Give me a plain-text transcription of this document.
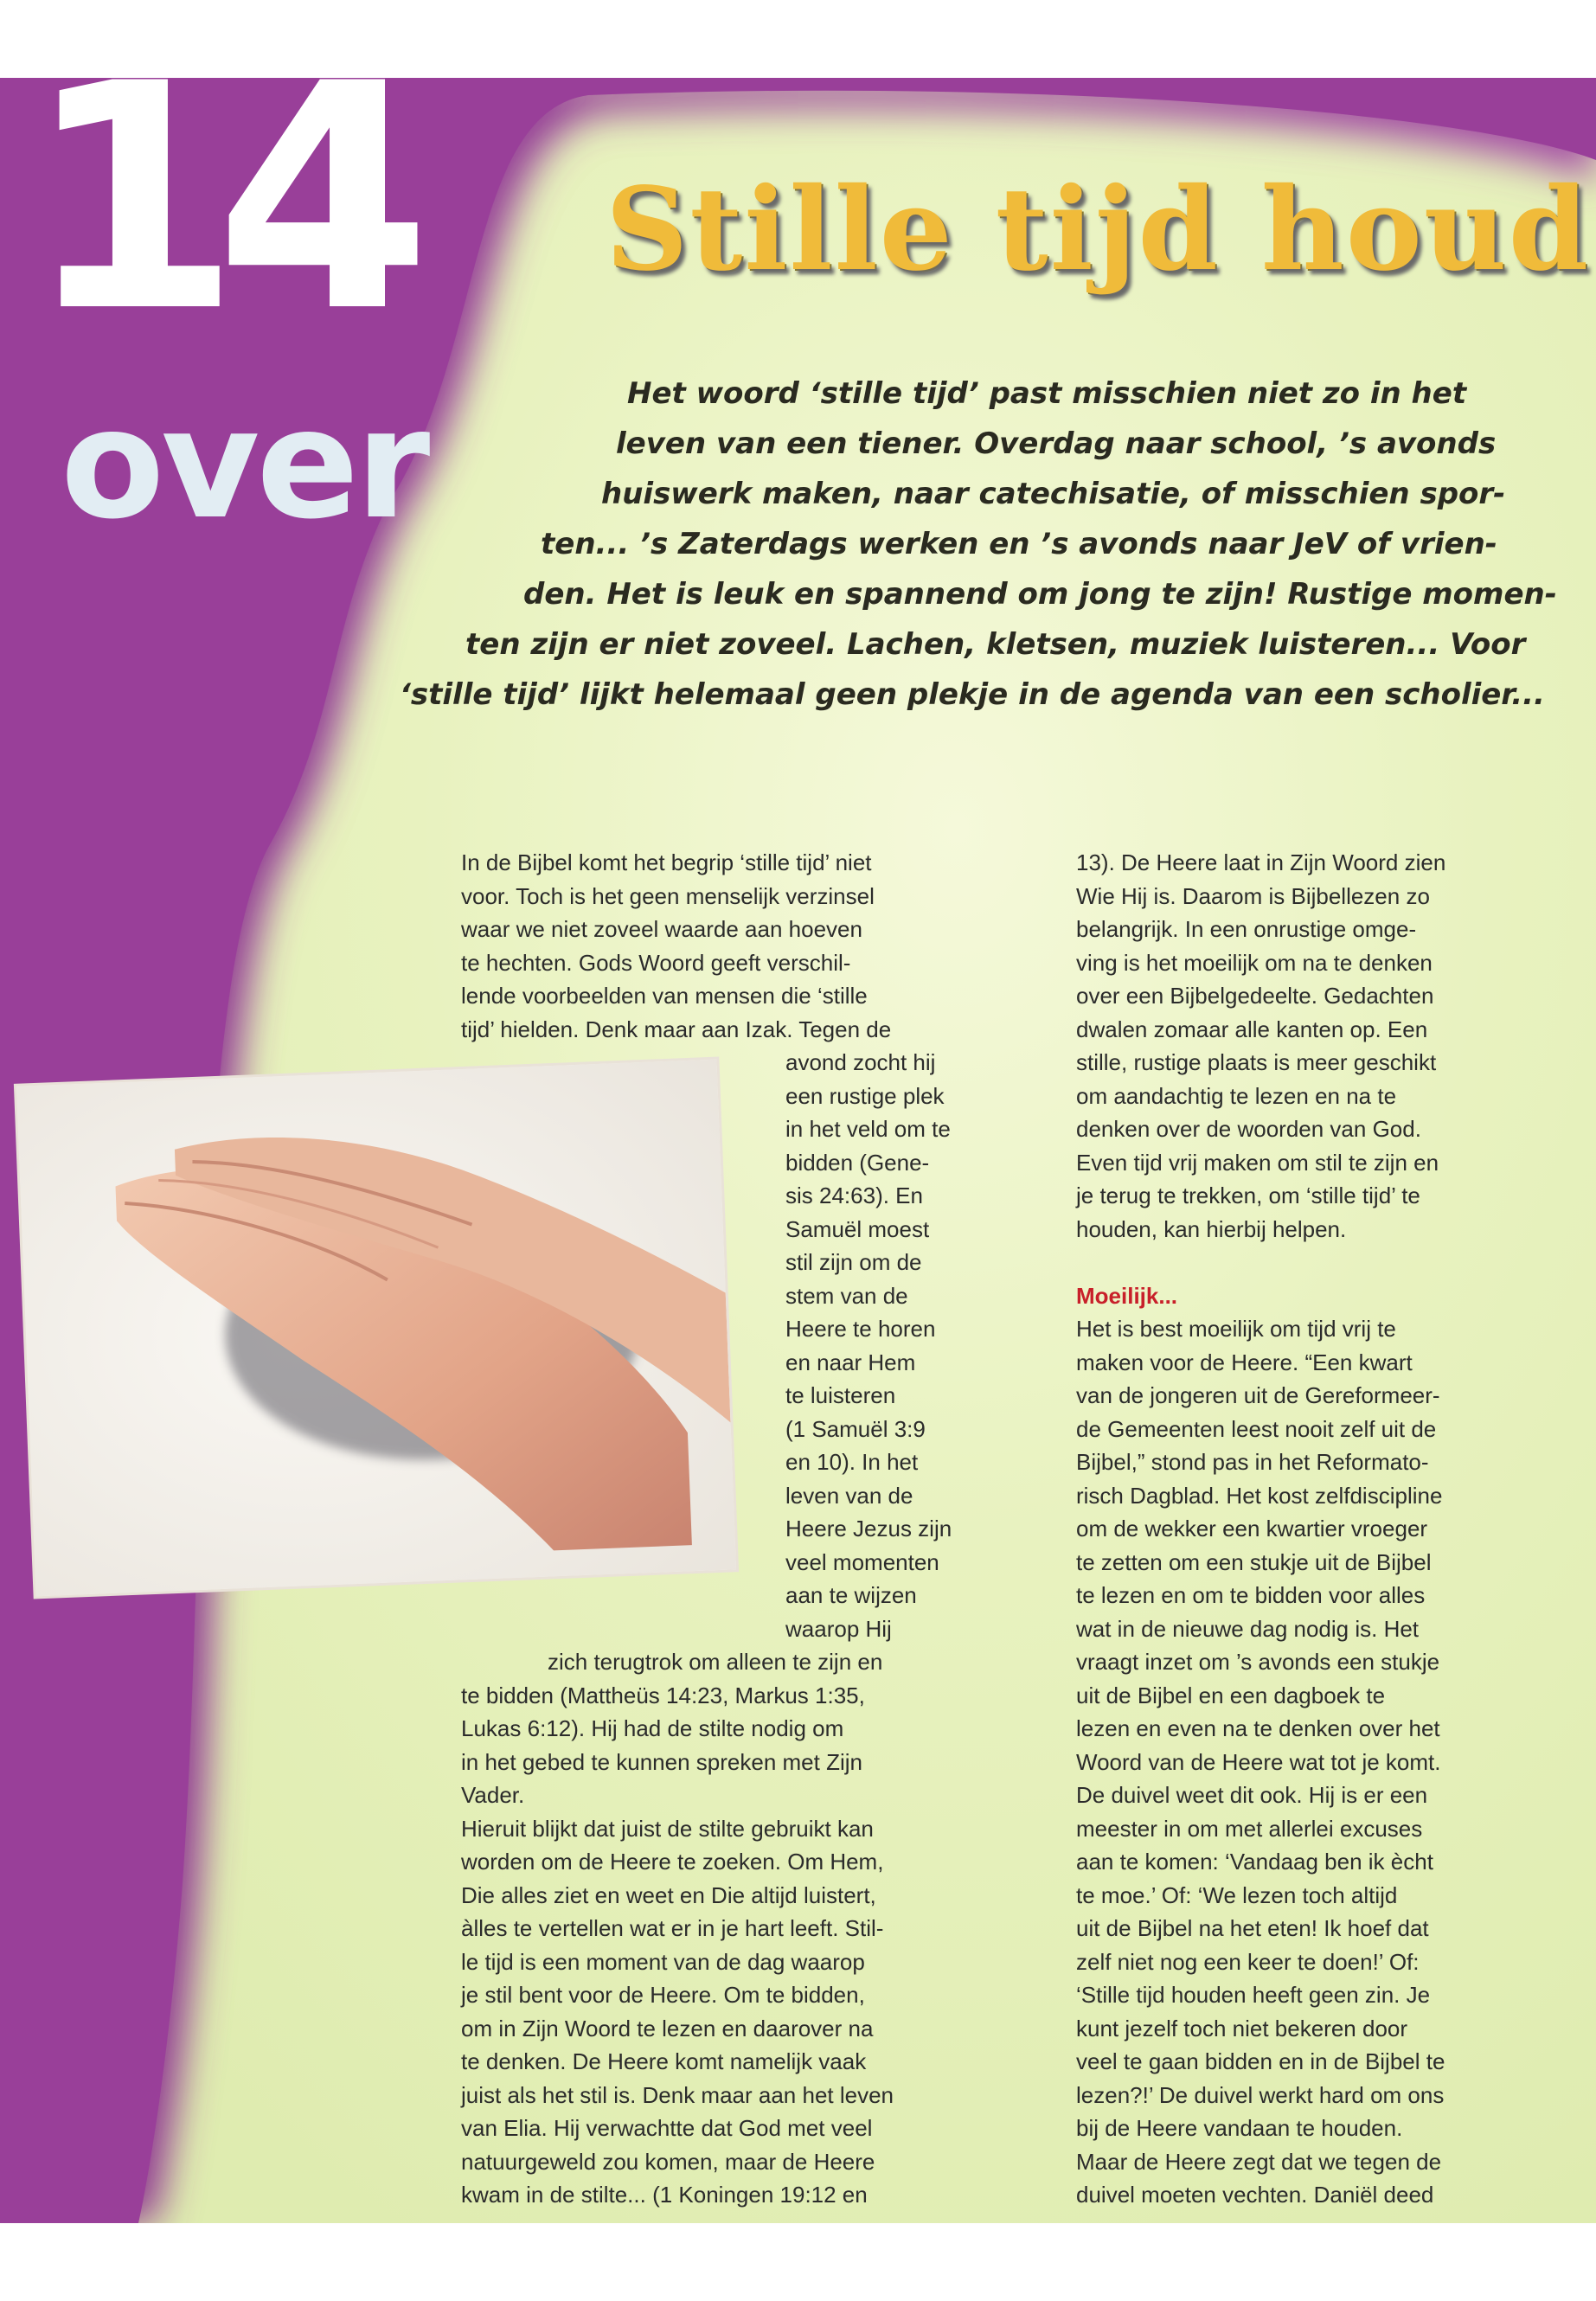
14
over
Stille tijd houd
Het woord ‘stille tijd’ past misschien niet zo in het
leven van een tiener. Overdag naar school, ’s avonds
huiswerk maken, naar catechisatie, of misschien spor-
ten... ’s Zaterdags werken en ’s avonds naar JeV of vrien-
den. Het is leuk en spannend om jong te zijn! Rustige momen-
ten zijn er niet zoveel. Lachen, kletsen, muziek luisteren... Voor
‘stille tijd’ lijkt helemaal geen plekje in de agenda van een scholier...
In de Bijbel komt het begrip ‘stille tijd’ niet
voor. Toch is het geen menselijk verzinsel
waar we niet zoveel waarde aan hoeven
te hechten. Gods Woord geeft verschil-
lende voorbeelden van mensen die ‘stille
tijd’ hielden. Denk maar aan Izak. Tegen de
avond zocht hij
een rustige plek
in het veld om te
bidden (Gene-
sis 24:63). En
Samuël moest
stil zijn om de
stem van de
Heere te horen
en naar Hem
te luisteren
(1 Samuël 3:9
en 10). In het
leven van de
Heere Jezus zijn
veel momenten
aan te wijzen
waarop Hij
zich terugtrok om alleen te zijn en
te bidden (Mattheüs 14:23, Markus 1:35,
Lukas 6:12). Hij had de stilte nodig om
in het gebed te kunnen spreken met Zijn
Vader.
Hieruit blijkt dat juist de stilte gebruikt kan
worden om de Heere te zoeken. Om Hem,
Die alles ziet en weet en Die altijd luistert,
àlles te vertellen wat er in je hart leeft. Stil-
le tijd is een moment van de dag waarop
je stil bent voor de Heere. Om te bidden,
om in Zijn Woord te lezen en daarover na
te denken. De Heere komt namelijk vaak
juist als het stil is. Denk maar aan het leven
van Elia. Hij verwachtte dat God met veel
natuurgeweld zou komen, maar de Heere
kwam in de stilte... (1 Koningen 19:12 en
13). De Heere laat in Zijn Woord zien
Wie Hij is. Daarom is Bijbellezen zo
belangrijk. In een onrustige omge-
ving is het moeilijk om na te denken
over een Bijbelgedeelte. Gedachten
dwalen zomaar alle kanten op. Een
stille, rustige plaats is meer geschikt
om aandachtig te lezen en na te
denken over de woorden van God.
Even tijd vrij maken om stil te zijn en
je terug te trekken, om ‘stille tijd’ te
houden, kan hierbij helpen.
Moeilijk...
Het is best moeilijk om tijd vrij te
maken voor de Heere. “Een kwart
van de jongeren uit de Gereformeer-
de Gemeenten leest nooit zelf uit de
Bijbel,” stond pas in het Reformato-
risch Dagblad. Het kost zelfdiscipline
om de wekker een kwartier vroeger
te zetten om een stukje uit de Bijbel
te lezen en om te bidden voor alles
wat in de nieuwe dag nodig is. Het
vraagt inzet om ’s avonds een stukje
uit de Bijbel en een dagboek te
lezen en even na te denken over het
Woord van de Heere wat tot je komt.
De duivel weet dit ook. Hij is er een
meester in om met allerlei excuses
aan te komen: ‘Vandaag ben ik ècht
te moe.’ Of: ‘We lezen toch altijd
uit de Bijbel na het eten! Ik hoef dat
zelf niet nog een keer te doen!’ Of:
‘Stille tijd houden heeft geen zin. Je
kunt jezelf toch niet bekeren door
veel te gaan bidden en in de Bijbel te
lezen?!’ De duivel werkt hard om ons
bij de Heere vandaan te houden.
Maar de Heere zegt dat we tegen de
duivel moeten vechten. Daniël deed
